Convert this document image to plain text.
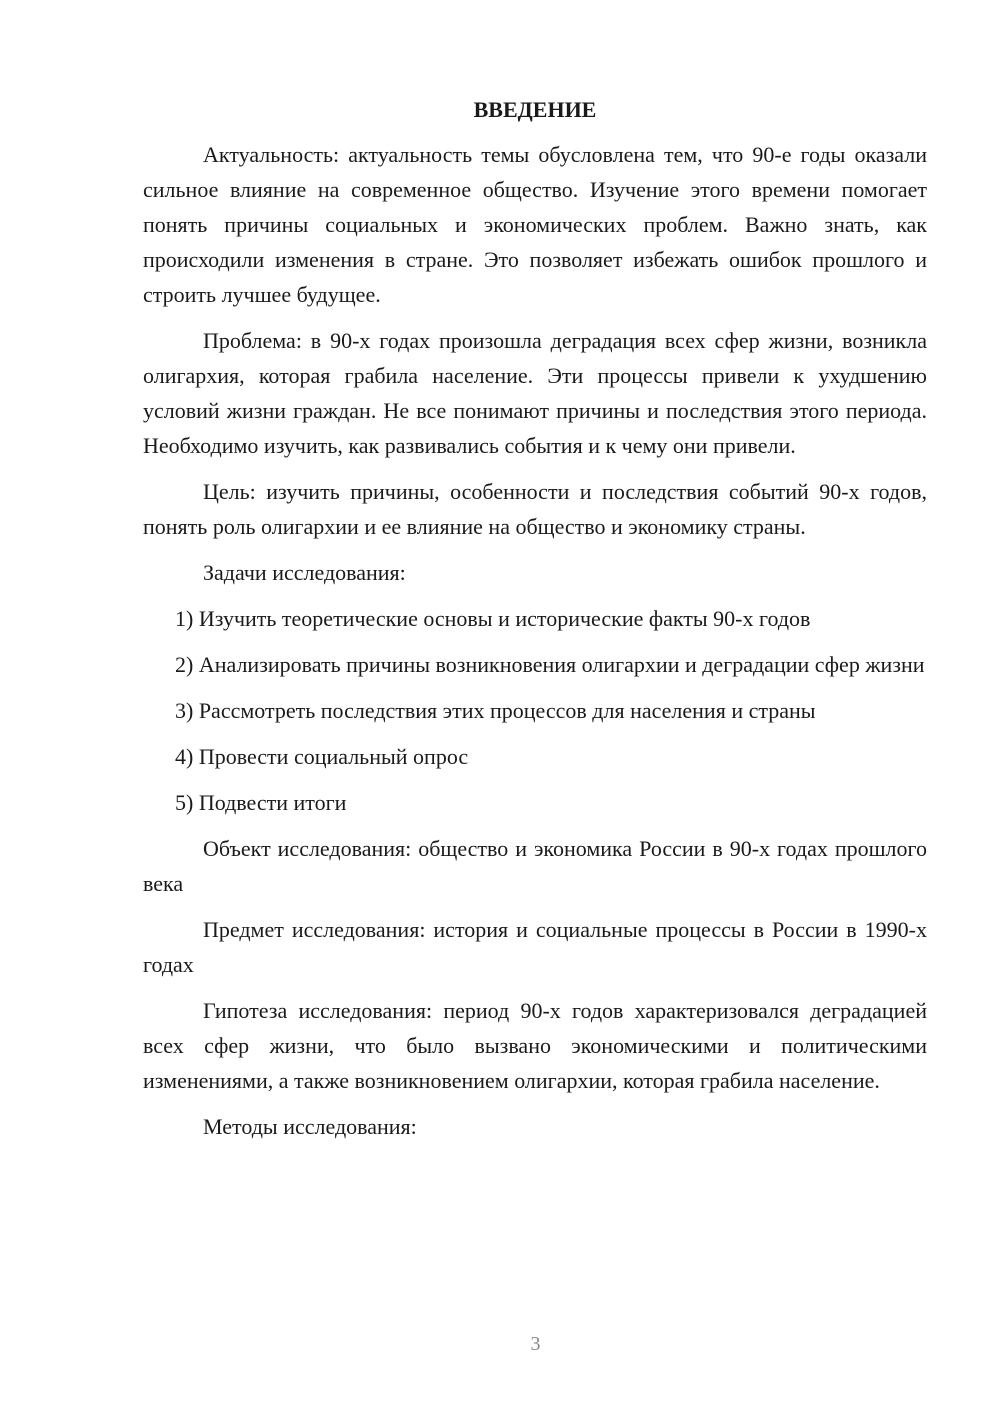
ВВЕДЕНИЕ

Актуальность: актуальность темы обусловлена тем, что 90-е годы оказали сильное влияние на современное общество. Изучение этого времени помогает понять причины социальных и экономических проблем. Важно знать, как происходили изменения в стране. Это позволяет избежать ошибок прошлого и строить лучшее будущее.

Проблема: в 90-х годах произошла деградация всех сфер жизни, возникла олигархия, которая грабила население. Эти процессы привели к ухудшению условий жизни граждан. Не все понимают причины и последствия этого периода. Необходимо изучить, как развивались события и к чему они привели.

Цель: изучить причины, особенности и последствия событий 90-х годов, понять роль олигархии и ее влияние на общество и экономику страны.

Задачи исследования:

1) Изучить теоретические основы и исторические факты 90-х годов

2) Анализировать причины возникновения олигархии и деградации сфер жизни

3) Рассмотреть последствия этих процессов для населения и страны

4) Провести социальный опрос

5) Подвести итоги

Объект исследования: общество и экономика России в 90-х годах прошлого века

Предмет исследования: история и социальные процессы в России в 1990-х годах

Гипотеза исследования: период 90-х годов характеризовался деградацией всех сфер жизни, что было вызвано экономическими и политическими изменениями, а также возникновением олигархии, которая грабила население.

Методы исследования:

3
